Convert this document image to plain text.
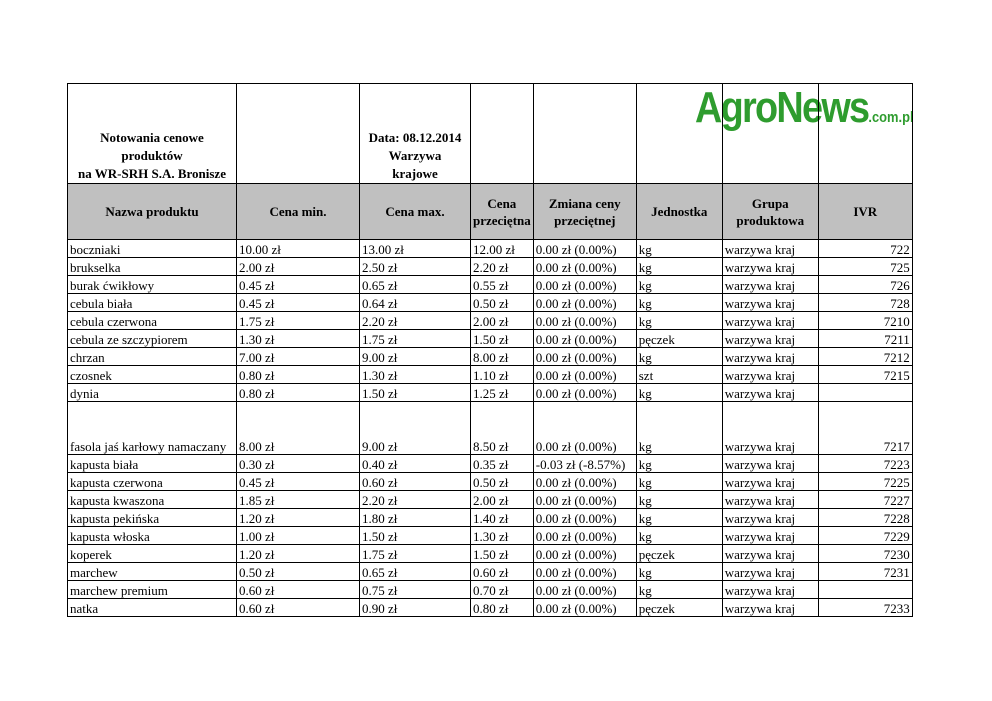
AgroNews.com.pl
Notowania cenowe
produktów
na WR-SRH S.A. Bronisze		Data: 08.12.2014
Warzywa
krajowe					
Nazwa produktu	Cena min.	Cena max.	Cena przeciętna	Zmiana ceny przeciętnej	Jednostka	Grupa produktowa	IVR
boczniaki	10.00 zł	13.00 zł	12.00 zł	0.00 zł (0.00%)	kg	warzywa kraj	722
brukselka	2.00 zł	2.50 zł	2.20 zł	0.00 zł (0.00%)	kg	warzywa kraj	725
burak ćwikłowy	0.45 zł	0.65 zł	0.55 zł	0.00 zł (0.00%)	kg	warzywa kraj	726
cebula biała	0.45 zł	0.64 zł	0.50 zł	0.00 zł (0.00%)	kg	warzywa kraj	728
cebula czerwona	1.75 zł	2.20 zł	2.00 zł	0.00 zł (0.00%)	kg	warzywa kraj	7210
cebula ze szczypiorem	1.30 zł	1.75 zł	1.50 zł	0.00 zł (0.00%)	pęczek	warzywa kraj	7211
chrzan	7.00 zł	9.00 zł	8.00 zł	0.00 zł (0.00%)	kg	warzywa kraj	7212
czosnek	0.80 zł	1.30 zł	1.10 zł	0.00 zł (0.00%)	szt	warzywa kraj	7215
dynia	0.80 zł	1.50 zł	1.25 zł	0.00 zł (0.00%)	kg	warzywa kraj	
fasola jaś karłowy namaczany	8.00 zł	9.00 zł	8.50 zł	0.00 zł (0.00%)	kg	warzywa kraj	7217
kapusta biała	0.30 zł	0.40 zł	0.35 zł	-0.03 zł (-8.57%)	kg	warzywa kraj	7223
kapusta czerwona	0.45 zł	0.60 zł	0.50 zł	0.00 zł (0.00%)	kg	warzywa kraj	7225
kapusta kwaszona	1.85 zł	2.20 zł	2.00 zł	0.00 zł (0.00%)	kg	warzywa kraj	7227
kapusta pekińska	1.20 zł	1.80 zł	1.40 zł	0.00 zł (0.00%)	kg	warzywa kraj	7228
kapusta włoska	1.00 zł	1.50 zł	1.30 zł	0.00 zł (0.00%)	kg	warzywa kraj	7229
koperek	1.20 zł	1.75 zł	1.50 zł	0.00 zł (0.00%)	pęczek	warzywa kraj	7230
marchew	0.50 zł	0.65 zł	0.60 zł	0.00 zł (0.00%)	kg	warzywa kraj	7231
marchew premium	0.60 zł	0.75 zł	0.70 zł	0.00 zł (0.00%)	kg	warzywa kraj	
natka	0.60 zł	0.90 zł	0.80 zł	0.00 zł (0.00%)	pęczek	warzywa kraj	7233
